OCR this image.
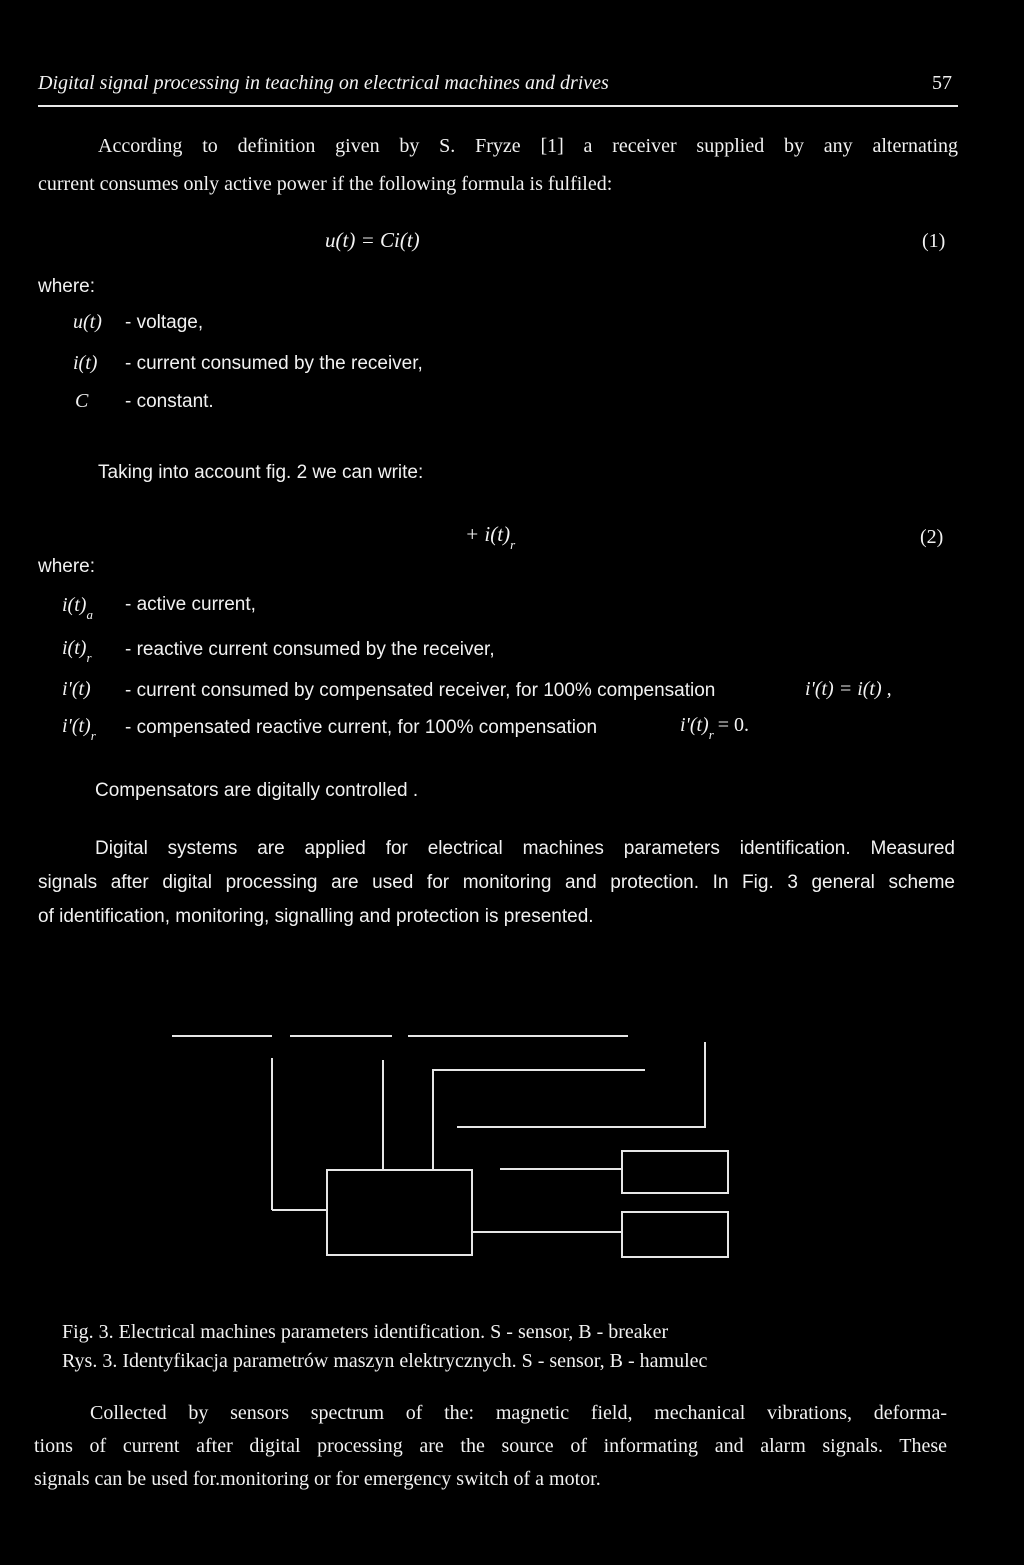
Digital signal processing in teaching on electrical machines and drives	57
According to definition given by S. Fryze [1] a receiver supplied by any alternating
current consumes only active power if the following formula is fulfiled:
u(t) = Ci(t)	(1)
where:
u(t) - voltage,
i(t) - current consumed by the receiver,
C - constant.
Taking into account fig. 2 we can write:
+ $i(t)_r$	(2)
where:
$i(t)_a$ - active current,
$i(t)_r$ - reactive current consumed by the receiver,
i'(t) - current consumed by compensated receiver, for 100% compensation	i'(t) = i(t) ,
$i'(t)_r$ - compensated reactive current, for 100% compensation	$i'(t)_r = 0$.
Compensators are digitally controlled .
Digital systems are applied for electrical machines parameters identification. Measured
signals after digital processing are used for monitoring and protection. In Fig. 3 general scheme
of identification, monitoring, signalling and protection is presented.
Fig. 3. Electrical machines parameters identification. S - sensor, B - breaker
Rys. 3. Identyfikacja parametrów maszyn elektrycznych. S - sensor, B - hamulec
Collected by sensors spectrum of the: magnetic field, mechanical vibrations, deforma-
tions of current after digital processing are the source of informating and alarm signals. These
signals can be used for.monitoring or for emergency switch of a motor.
